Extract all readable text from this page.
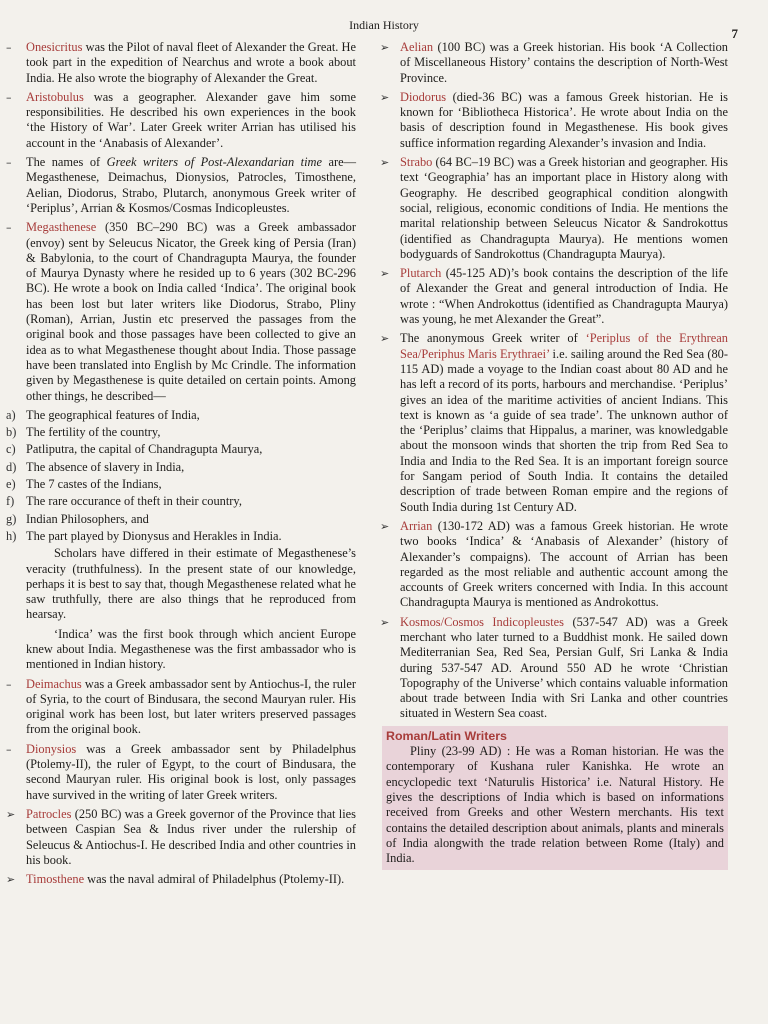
Indian History
7
–	Onesicritus was the Pilot of naval fleet of Alexander the Great. He took part in the expedition of Nearchus and wrote a book about India. He also wrote the biography of Alexander the Great.
–	Aristobulus was a geographer. Alexander gave him some responsibilities. He described his own experiences in the book ‘the History of War’. Later Greek writer Arrian has utilised his account in the ‘Anabasis of Alexander’.
–	The names of Greek writers of Post-Alexandarian time are—Megasthenese, Deimachus, Dionysios, Patrocles, Timosthene, Aelian, Diodorus, Strabo, Plutarch, anonymous Greek writer of ‘Periplus’, Arrian & Kosmos/Cosmas Indicopleustes.
–	Megasthenese (350 BC–290 BC) was a Greek ambassador (envoy) sent by Seleucus Nicator, the Greek king of Persia (Iran) & Babylonia, to the court of Chandragupta Maurya, the founder of Maurya Dynasty where he resided up to 6 years (302 BC-296 BC). He wrote a book on India called ‘Indica’. The original book has been lost but later writers like Diodorus, Strabo, Pliny (Roman), Arrian, Justin etc preserved the passages from the original book and those passages have been collected to give an idea as to what Megasthenese thought about India. Those passage have been translated into English by Mc Crindle. The information given by Megasthenese is quite detailed on certain points. Among other things, he described—
a) The geographical features of India,
b) The fertility of the country,
c) Patliputra, the capital of Chandragupta Maurya,
d) The absence of slavery in India,
e) The 7 castes of the Indians,
f) The rare occurance of theft in their country,
g) Indian Philosophers, and
h) The part played by Dionysus and Herakles in India.
Scholars have differed in their estimate of Megasthenese’s veracity (truthfulness). In the present state of our knowledge, perhaps it is best to say that, though Megasthenese related what he saw truthfully, there are also things that he reproduced from hearsay.
‘Indica’ was the first book through which ancient Europe knew about India. Megasthenese was the first ambassador who is mentioned in Indian history.
–	Deimachus was a Greek ambassador sent by Antiochus-I, the ruler of Syria, to the court of Bindusara, the second Mauryan ruler. His original work has been lost, but later writers preserved passages from the original book.
–	Dionysios was a Greek ambassador sent by Philadelphus (Ptolemy-II), the ruler of Egypt, to the court of Bindusara, the second Mauryan ruler. His original book is lost, only passages have survived in the writing of later Greek writers.
➢ Patrocles (250 BC) was a Greek governor of the Province that lies between Caspian Sea & Indus river under the rulership of Seleucus & Antiochus-I. He described India and other countries in his book.
➢ Timosthene was the naval admiral of Philadelphus (Ptolemy-II).
➢ Aelian (100 BC) was a Greek historian. His book ‘A Collection of Miscellaneous History’ contains the description of North-West Province.
➢ Diodorus (died-36 BC) was a famous Greek historian. He is known for ‘Bibliotheca Historica’. He wrote about India on the basis of description found in Megasthenese. His book gives suffice information regarding Alexander’s invasion and India.
➢ Strabo (64 BC–19 BC) was a Greek historian and geographer. His text ‘Geographia’ has an important place in History along with Geography. He described geographical condition alongwith social, religious, economic conditions of India. He mentions the marital relationship between Seleucus Nicator & Sandrokottus (identified as Chandragupta Maurya). He mentions women bodyguards of Sandrokottus (Chandragupta Maurya).
➢ Plutarch (45-125 AD)’s book contains the description of the life of Alexander the Great and general introduction of India. He wrote : “When Androkottus (identified as Chandragupta Maurya) was young, he met Alexander the Great”.
➢ The anonymous Greek writer of ‘Periplus of the Erythrean Sea/Periphus Maris Erythraei’ i.e. sailing around the Red Sea (80-115 AD) made a voyage to the Indian coast about 80 AD and he has left a record of its ports, harbours and merchandise. ‘Periplus’ gives an idea of the maritime activities of ancient Indians. This text is known as ‘a guide of sea trade’. The unknown author of the ‘Periplus’ claims that Hippalus, a mariner, was knowledgable about the monsoon winds that shorten the trip from Red Sea to India and India to the Red Sea. It is an important foreign source for Sangam period of South India. It contains the detailed description of trade between Roman empire and the regions of South India during 1st Century AD.
➢ Arrian (130-172 AD) was a famous Greek historian. He wrote two books ‘Indica’ & ‘Anabasis of Alexander’ (history of Alexander’s compaigns). The account of Arrian has been regarded as the most reliable and authentic account among the accounts of Greek writers concerned with India. In this account Chandragupta Maurya is mentioned as Androkottus.
➢ Kosmos/Cosmos Indicopleustes (537-547 AD) was a Greek merchant who later turned to a Buddhist monk. He sailed down Mediterranian Sea, Red Sea, Persian Gulf, Sri Lanka & India during 537-547 AD. Around 550 AD he wrote ‘Christian Topography of the Universe’ which contains valuable information about trade between India with Sri Lanka and other countries situated in Western Sea coast.
Roman/Latin Writers
Pliny (23-99 AD) : He was a Roman historian. He was the contemporary of Kushana ruler Kanishka. He wrote an encyclopedic text ‘Naturulis Historica’ i.e. Natural History. He gives the descriptions of India which is based on informations received from Greeks and other Western merchants. His text contains the detailed description about animals, plants and minerals of India alongwith the trade relation between Rome (Italy) and India.
